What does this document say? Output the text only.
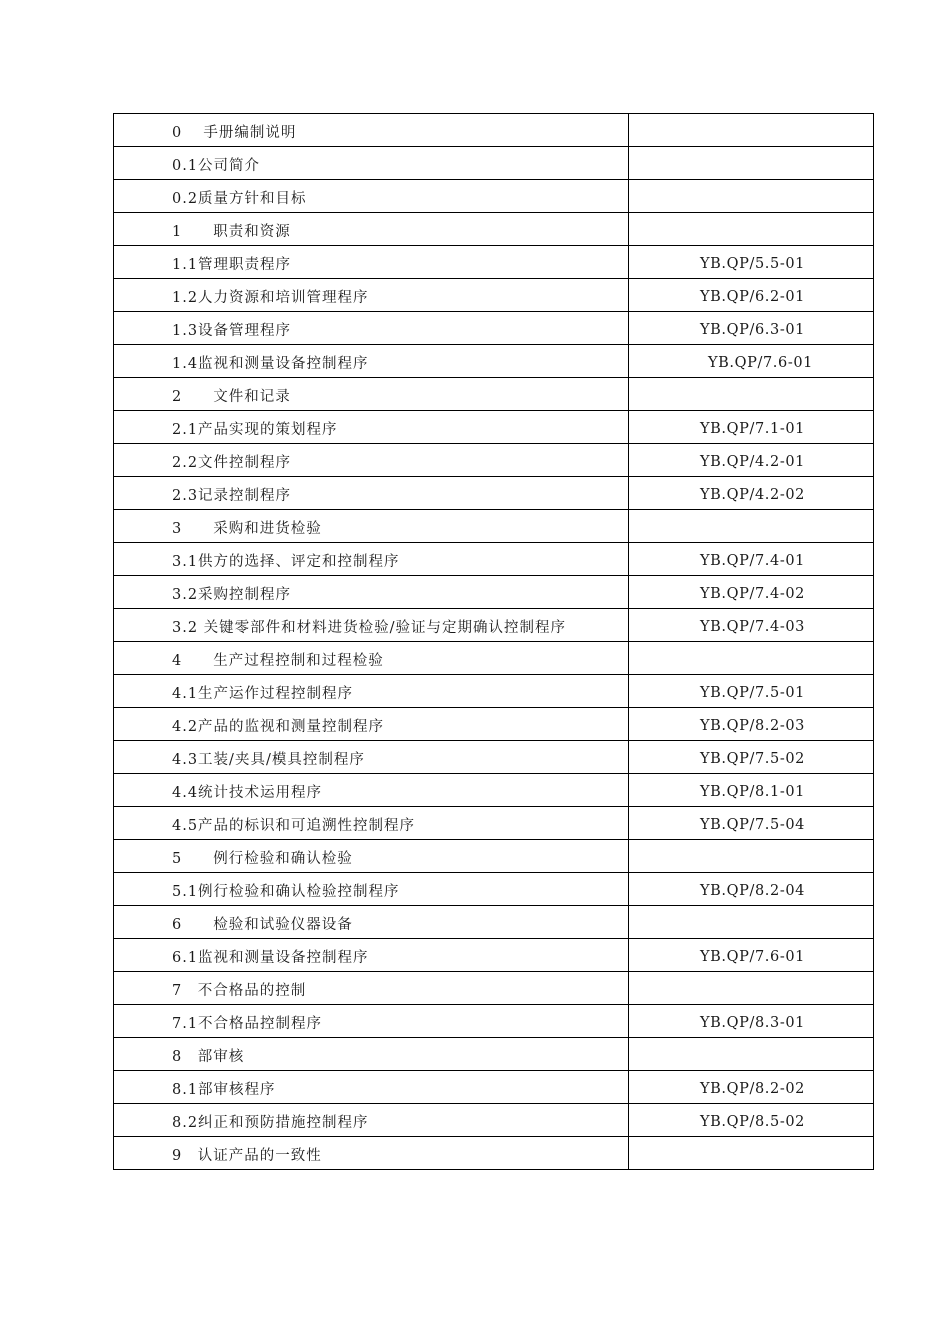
0　 手册编制说明	
0.1公司简介	
0.2质量方针和目标	
1　　职责和资源	
1.1管理职责程序	YB.QP/5.5-01
1.2人力资源和培训管理程序	YB.QP/6.2-01
1.3设备管理程序	YB.QP/6.3-01
1.4监视和测量设备控制程序	YB.QP/7.6-01
2　　文件和记录	
2.1产品实现的策划程序	YB.QP/7.1-01
2.2文件控制程序	YB.QP/4.2-01
2.3记录控制程序	YB.QP/4.2-02
3　　采购和进货检验	
3.1供方的选择、评定和控制程序	YB.QP/7.4-01
3.2采购控制程序	YB.QP/7.4-02
3.2 关键零部件和材料进货检验/验证与定期确认控制程序	YB.QP/7.4-03
4　　生产过程控制和过程检验	
4.1生产运作过程控制程序	YB.QP/7.5-01
4.2产品的监视和测量控制程序	YB.QP/8.2-03
4.3工装/夹具/模具控制程序	YB.QP/7.5-02
4.4统计技术运用程序	YB.QP/8.1-01
4.5产品的标识和可追溯性控制程序	YB.QP/7.5-04
5　　例行检验和确认检验	
5.1例行检验和确认检验控制程序	YB.QP/8.2-04
6　　检验和试验仪器设备	
6.1监视和测量设备控制程序	YB.QP/7.6-01
7　不合格品的控制	
7.1不合格品控制程序	YB.QP/8.3-01
8　部审核	
8.1部审核程序	YB.QP/8.2-02
8.2纠正和预防措施控制程序	YB.QP/8.5-02
9　认证产品的一致性	
